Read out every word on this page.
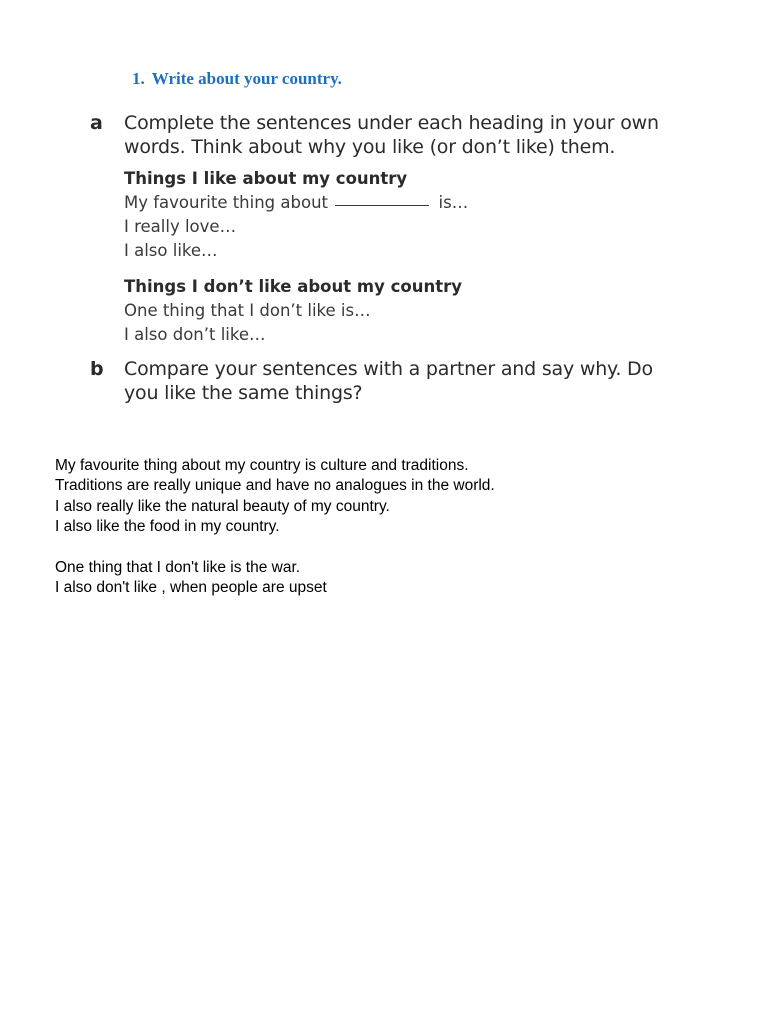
1. Write about your country.
a Complete the sentences under each heading in your own words. Think about why you like (or don’t like) them.
Things I like about my country
My favourite thing about	is…
I really love…
I also like…
Things I don’t like about my country
One thing that I don’t like is…
I also don’t like…
b Compare your sentences with a partner and say why. Do you like the same things?
My favourite thing about my country is culture and traditions.
Traditions are really unique and have no analogues in the world.
I also really like the natural beauty of my country.
I also like the food in my country.
One thing that I don't like is the war.
I also don't like , when people are upset
